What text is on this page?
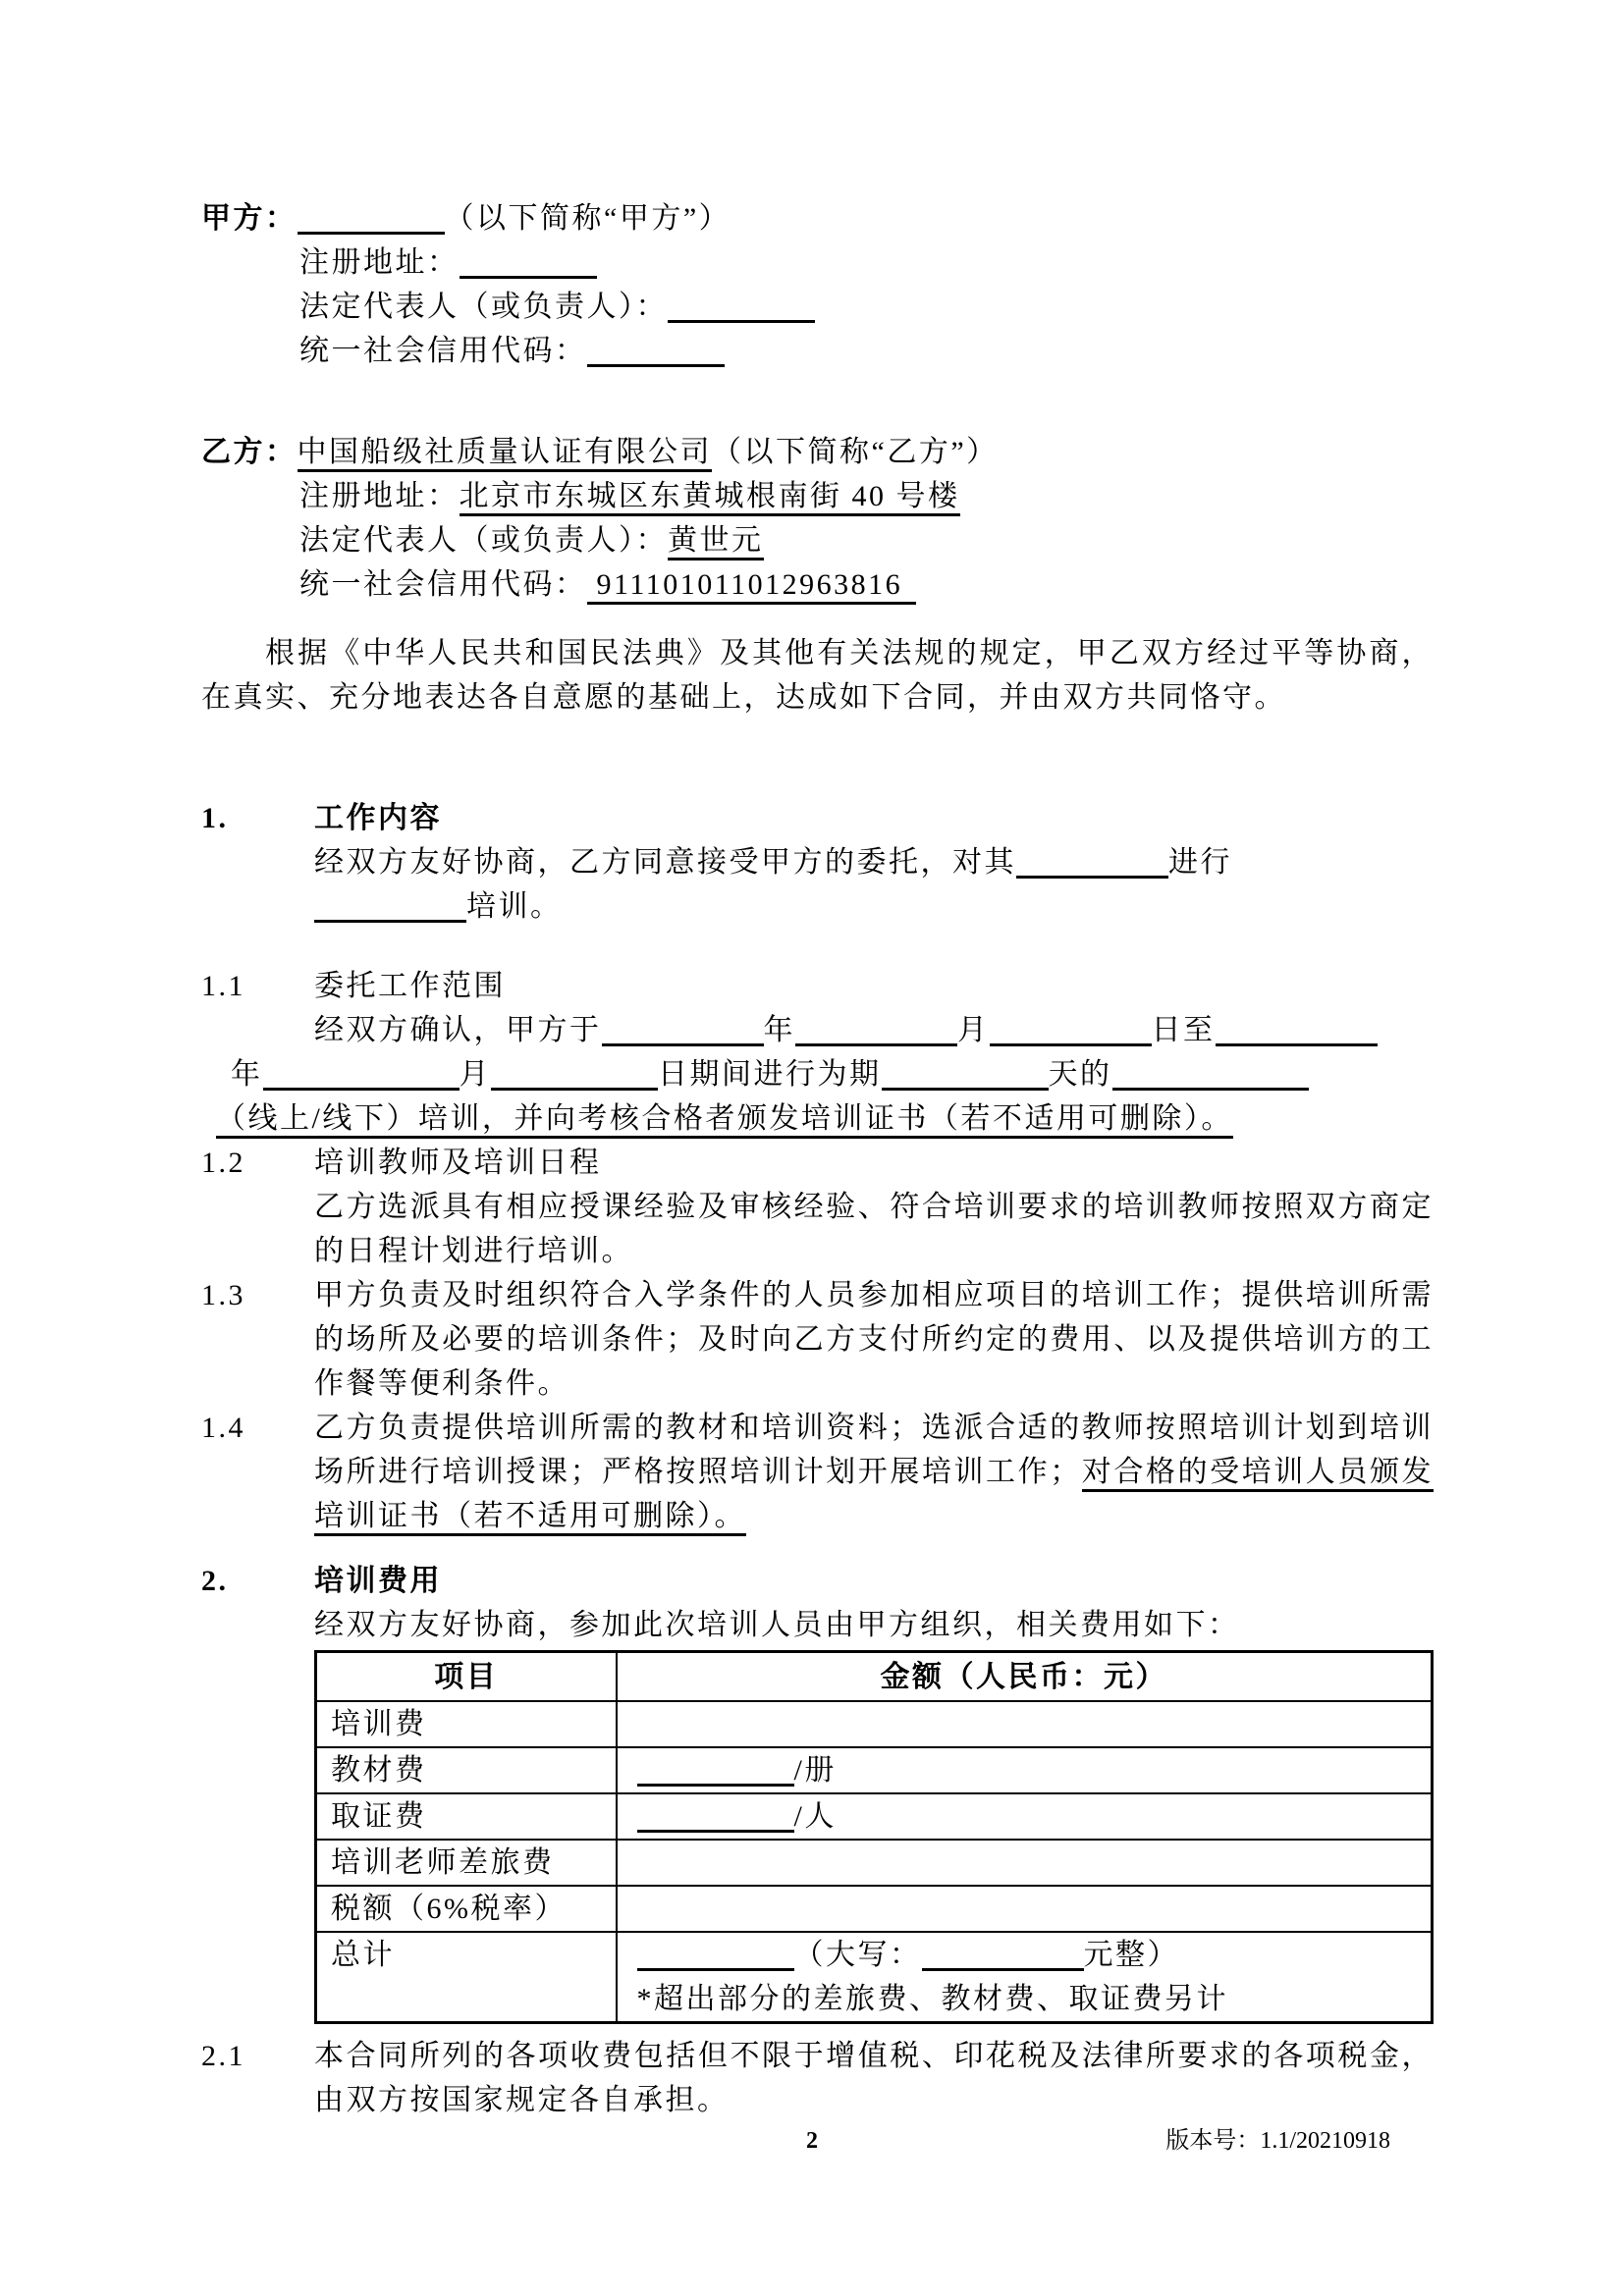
甲方：	（以下简称“甲方”）
注册地址：
法定代表人（或负责人）：
统一社会信用代码：
乙方：中国船级社质量认证有限公司（以下简称“乙方”）
注册地址：北京市东城区东黄城根南街 40 号楼
法定代表人（或负责人）：黄世元
统一社会信用代码： 911101011012963816

根据《中华人民共和国民法典》及其他有关法规的规定，甲乙双方经过平等协商，在真实、充分地表达各自意愿的基础上，达成如下合同，并由双方共同恪守。

1.	工作内容
经双方友好协商，乙方同意接受甲方的委托，对其	进行
培训。
1.1	委托工作范围
经双方确认，甲方于	年	月	日至
年	月	日期间进行为期	天的
（线上/线下）培训，并向考核合格者颁发培训证书（若不适用可删除）。
1.2	培训教师及培训日程
乙方选派具有相应授课经验及审核经验、符合培训要求的培训教师按照双方商定的日程计划进行培训。
1.3	甲方负责及时组织符合入学条件的人员参加相应项目的培训工作；提供培训所需的场所及必要的培训条件；及时向乙方支付所约定的费用、以及提供培训方的工作餐等便利条件。
1.4	乙方负责提供培训所需的教材和培训资料；选派合适的教师按照培训计划到培训场所进行培训授课；严格按照培训计划开展培训工作；对合格的受培训人员颁发培训证书（若不适用可删除）。
2.	培训费用
经双方友好协商，参加此次培训人员由甲方组织，相关费用如下：
项目	金额（人民币：元）
培训费	
教材费	/册
取证费	/人
培训老师差旅费	
税额（6%税率）	
总计	（大写： 元整）
*超出部分的差旅费、教材费、取证费另计
2.1	本合同所列的各项收费包括但不限于增值税、印花税及法律所要求的各项税金，由双方按国家规定各自承担。
2	版本号：1.1/20210918
